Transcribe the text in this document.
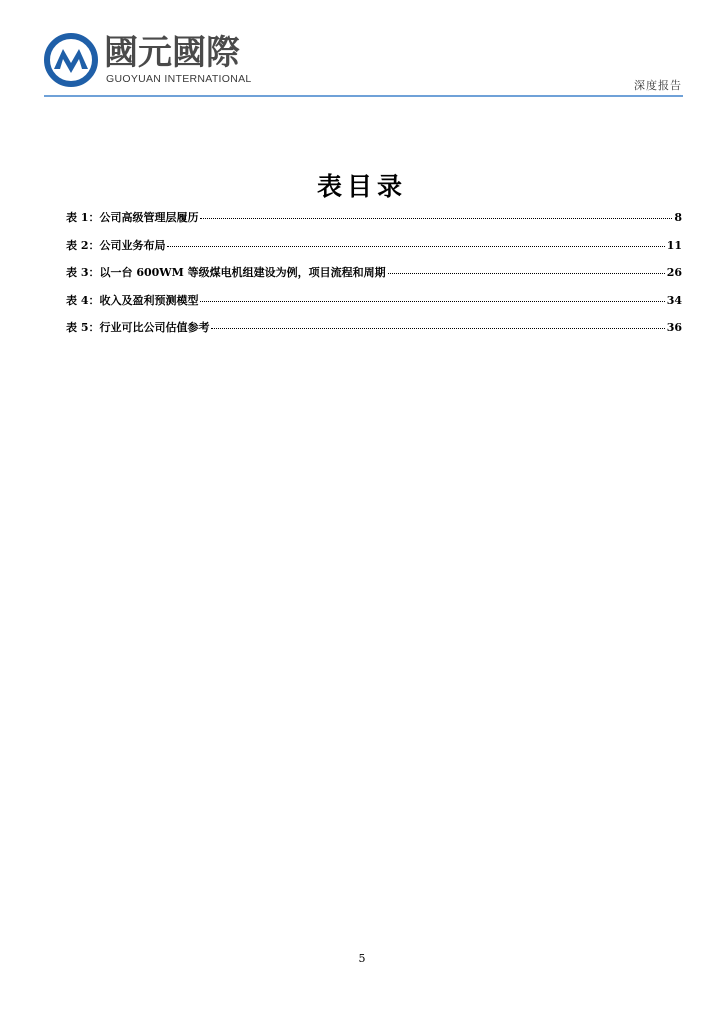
國元國際
GUOYUAN INTERNATIONAL	深度报告
表目录
表 1：公司高级管理层履历	8
表 2：公司业务布局	11
表 3：以一台 600WM 等级煤电机组建设为例，项目流程和周期	26
表 4：收入及盈利预测模型	34
表 5：行业可比公司估值参考	36
5
